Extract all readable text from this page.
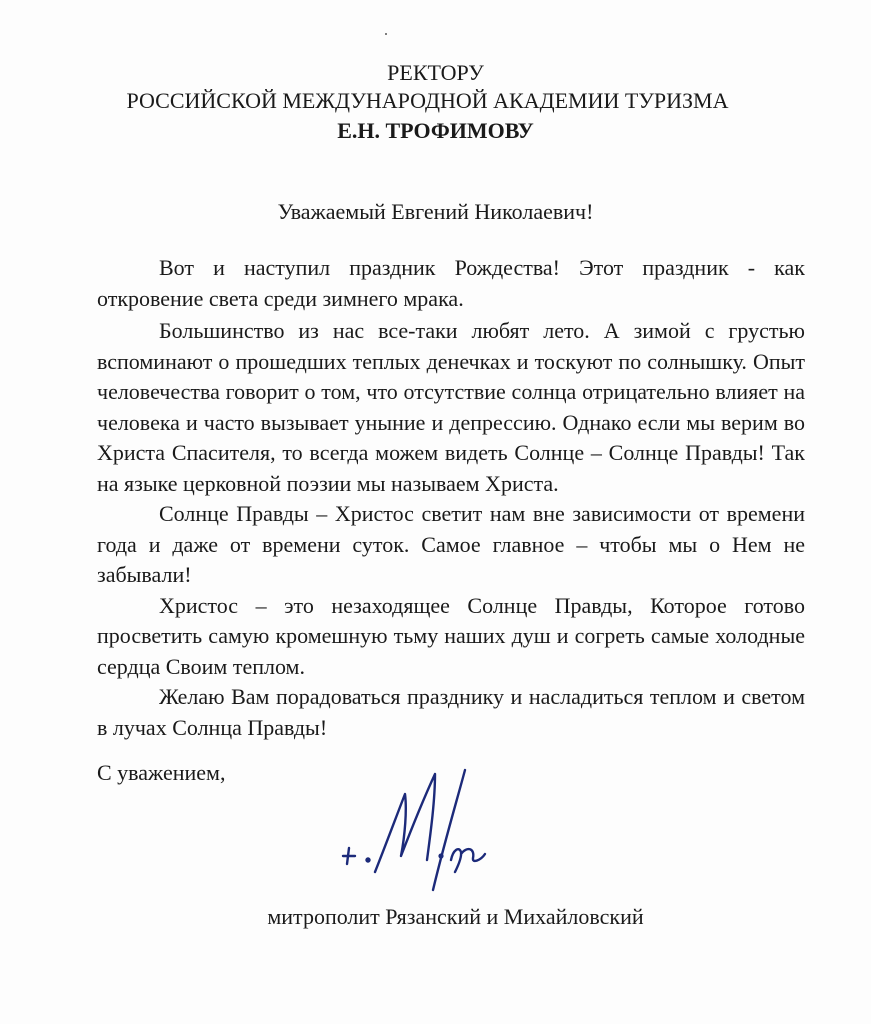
РЕКТОРУ
РОССИЙСКОЙ МЕЖДУНАРОДНОЙ АКАДЕМИИ ТУРИЗМА
Е.Н. ТРОФИМОВУ
Уважаемый Евгений Николаевич!

Вот и наступил праздник Рождества! Этот праздник - как откровение света среди зимнего мрака.

Большинство из нас все-таки любят лето. А зимой с грустью вспоминают о прошедших теплых денечках и тоскуют по солнышку. Опыт человечества говорит о том, что отсутствие солнца отрицательно влияет на человека и часто вызывает уныние и депрессию. Однако если мы верим во Христа Спасителя, то всегда можем видеть Солнце – Солнце Правды! Так на языке церковной поэзии мы называем Христа.

Солнце Правды – Христос светит нам вне зависимости от времени года и даже от времени суток. Самое главное – чтобы мы о Нем не забывали!

Христос – это незаходящее Солнце Правды, Которое готово просветить самую кромешную тьму наших душ и согреть самые холодные сердца Своим теплом.

Желаю Вам порадоваться празднику и насладиться теплом и светом в лучах Солнца Правды!

С уважением,
митрополит Рязанский и Михайловский
